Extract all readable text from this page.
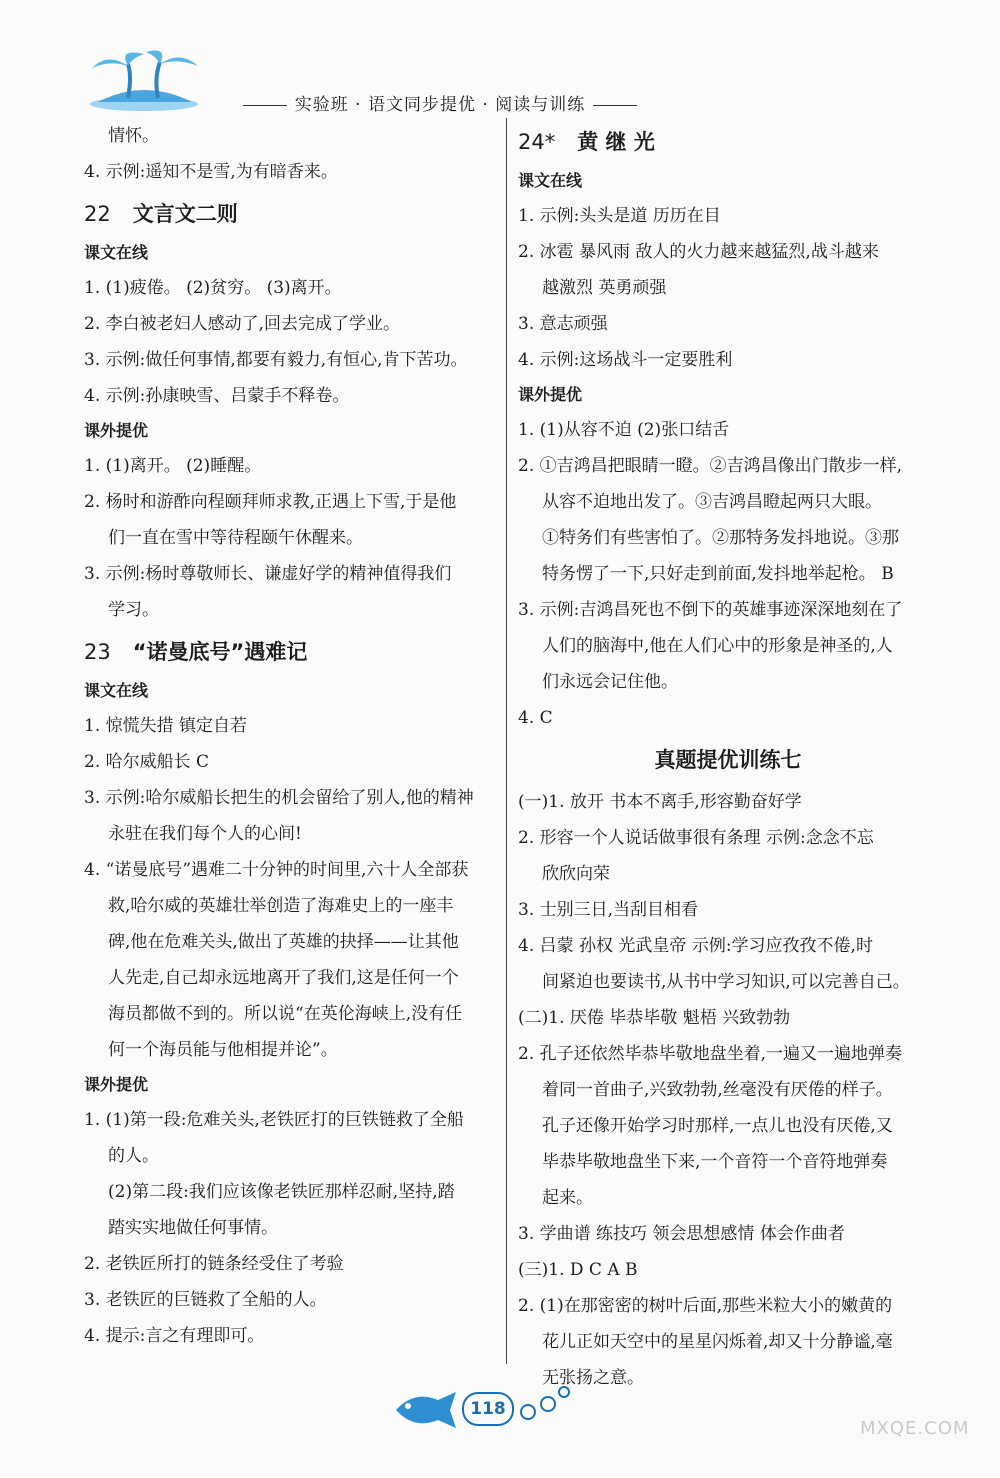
实验班 · 语文同步提优 · 阅读与训练
情怀。
4. 示例:遥知不是雪,为有暗香来。
22 文言文二则
课文在线
1. (1)疲倦。 (2)贫穷。 (3)离开。
2. 李白被老妇人感动了,回去完成了学业。
3. 示例:做任何事情,都要有毅力,有恒心,肯下苦功。
4. 示例:孙康映雪、吕蒙手不释卷。
课外提优
1. (1)离开。 (2)睡醒。
2. 杨时和游酢向程颐拜师求教,正遇上下雪,于是他
们一直在雪中等待程颐午休醒来。
3. 示例:杨时尊敬师长、谦虚好学的精神值得我们
学习。
23 “诺曼底号”遇难记
课文在线
1. 惊慌失措 镇定自若
2. 哈尔威船长 C
3. 示例:哈尔威船长把生的机会留给了别人,他的精神
永驻在我们每个人的心间!
4. “诺曼底号”遇难二十分钟的时间里,六十人全部获
救,哈尔威的英雄壮举创造了海难史上的一座丰
碑,他在危难关头,做出了英雄的抉择——让其他
人先走,自己却永远地离开了我们,这是任何一个
海员都做不到的。所以说“在英伦海峡上,没有任
何一个海员能与他相提并论”。
课外提优
1. (1)第一段:危难关头,老铁匠打的巨铁链救了全船
的人。
(2)第二段:我们应该像老铁匠那样忍耐,坚持,踏
踏实实地做任何事情。
2. 老铁匠所打的链条经受住了考验
3. 老铁匠的巨链救了全船的人。
4. 提示:言之有理即可。
24* 黄 继 光
课文在线
1. 示例:头头是道 历历在目
2. 冰雹 暴风雨 敌人的火力越来越猛烈,战斗越来
越激烈 英勇顽强
3. 意志顽强
4. 示例:这场战斗一定要胜利
课外提优
1. (1)从容不迫 (2)张口结舌
2. ①吉鸿昌把眼睛一瞪。②吉鸿昌像出门散步一样,
从容不迫地出发了。③吉鸿昌瞪起两只大眼。
①特务们有些害怕了。②那特务发抖地说。③那
特务愣了一下,只好走到前面,发抖地举起枪。 B
3. 示例:吉鸿昌死也不倒下的英雄事迹深深地刻在了
人们的脑海中,他在人们心中的形象是神圣的,人
们永远会记住他。
4. C
真题提优训练七
(一)1. 放开 书本不离手,形容勤奋好学
2. 形容一个人说话做事很有条理 示例:念念不忘
欣欣向荣
3. 士别三日,当刮目相看
4. 吕蒙 孙权 光武皇帝 示例:学习应孜孜不倦,时
间紧迫也要读书,从书中学习知识,可以完善自己。
(二)1. 厌倦 毕恭毕敬 魁梧 兴致勃勃
2. 孔子还依然毕恭毕敬地盘坐着,一遍又一遍地弹奏
着同一首曲子,兴致勃勃,丝毫没有厌倦的样子。
孔子还像开始学习时那样,一点儿也没有厌倦,又
毕恭毕敬地盘坐下来,一个音符一个音符地弹奏
起来。
3. 学曲谱 练技巧 领会思想感情 体会作曲者
(三)1. D C A B
2. (1)在那密密的树叶后面,那些米粒大小的嫩黄的
花儿正如天空中的星星闪烁着,却又十分静谧,毫
无张扬之意。
118
MXQE.COM
